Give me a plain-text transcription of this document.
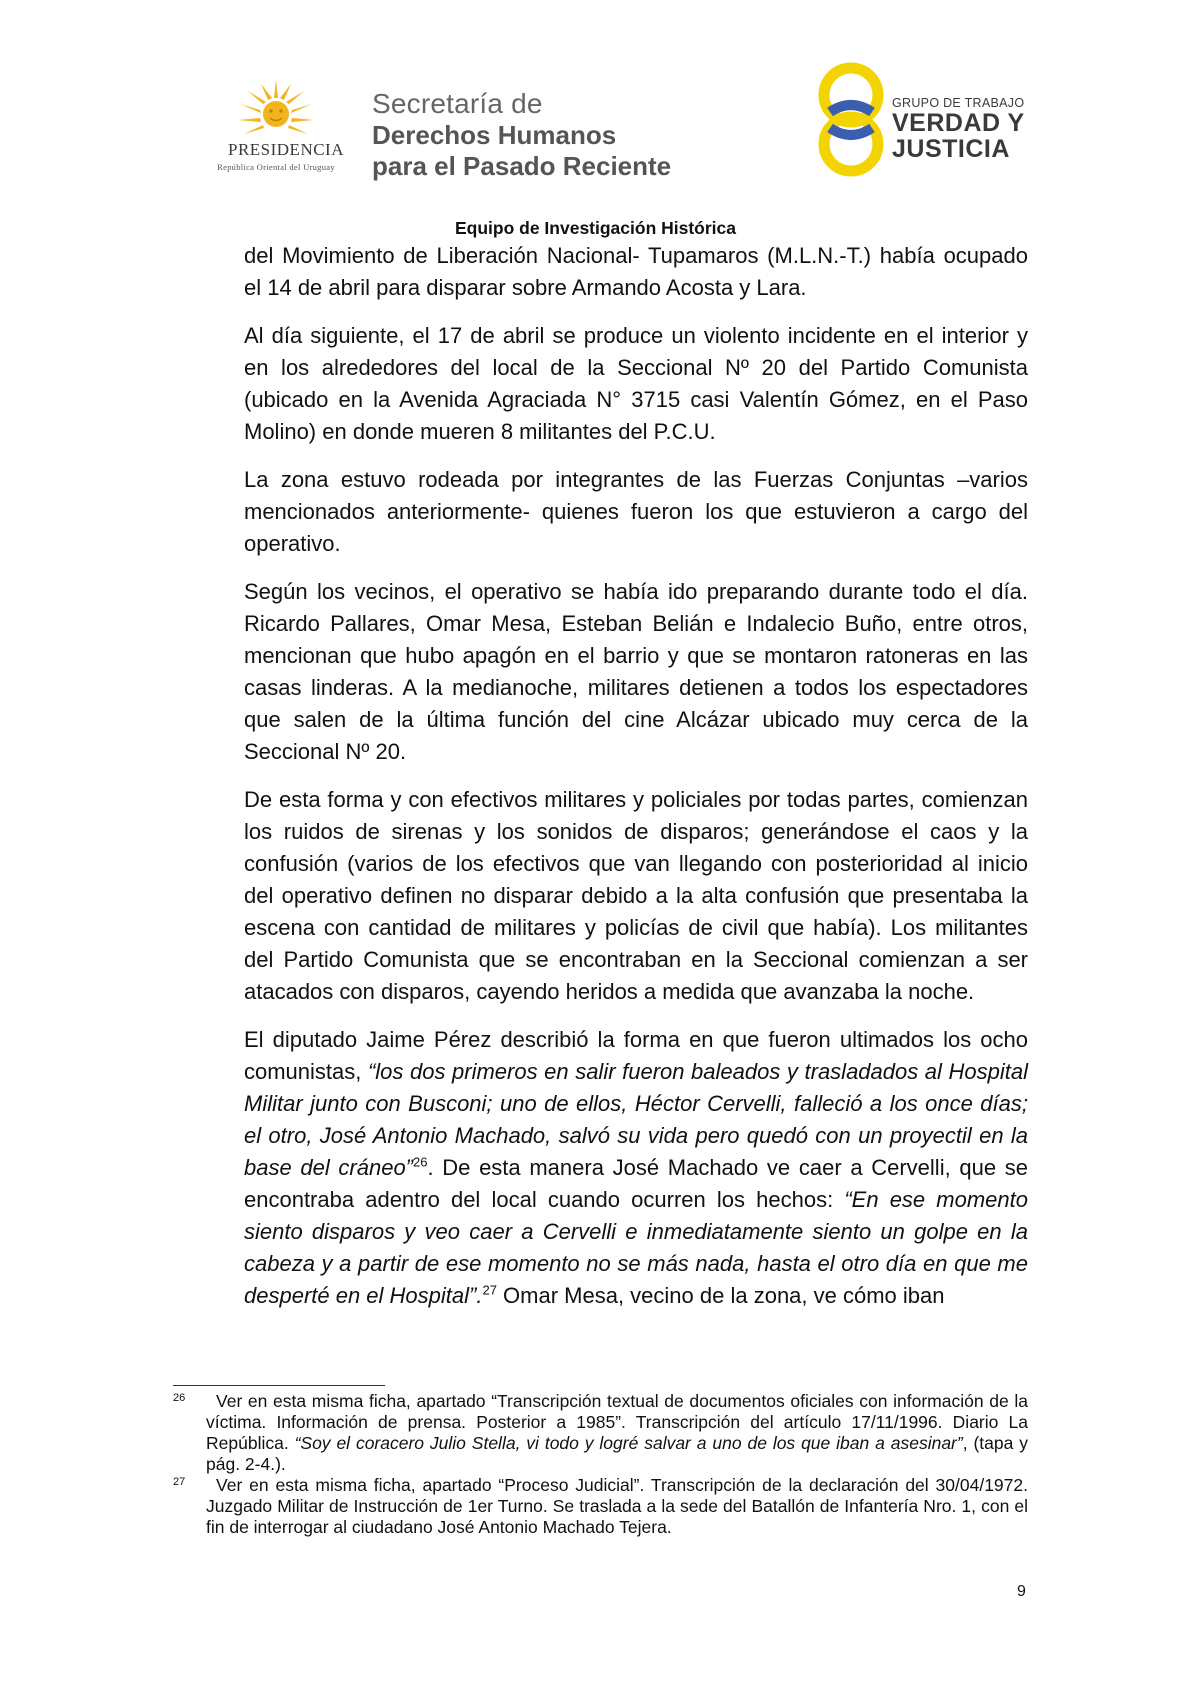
PRESIDENCIA
República Oriental del Uruguay
Secretaría de
Derechos Humanos
para el Pasado Reciente
GRUPO DE TRABAJO
VERDAD Y
JUSTICIA
Equipo de Investigación Histórica

del Movimiento de Liberación Nacional- Tupamaros (M.L.N.-T.) había ocupado el 14 de abril para disparar sobre Armando Acosta y Lara.

Al día siguiente, el 17 de abril se produce un violento incidente en el interior y en los alrededores del local de la Seccional Nº 20 del Partido Comunista (ubicado en la Avenida Agraciada N° 3715 casi Valentín Gómez, en el Paso Molino) en donde mueren 8 militantes del P.C.U.

La zona estuvo rodeada por integrantes de las Fuerzas Conjuntas –varios mencionados anteriormente- quienes fueron los que estuvieron a cargo del operativo.

Según los vecinos, el operativo se había ido preparando durante todo el día. Ricardo Pallares, Omar Mesa, Esteban Belián e Indalecio Buño, entre otros, mencionan que hubo apagón en el barrio y que se montaron ratoneras en las casas linderas. A la medianoche, militares detienen a todos los espectadores que salen de la última función del cine Alcázar ubicado muy cerca de la Seccional Nº 20.

De esta forma y con efectivos militares y policiales por todas partes, comienzan los ruidos de sirenas y los sonidos de disparos; generándose el caos y la confusión (varios de los efectivos que van llegando con posterioridad al inicio del operativo definen no disparar debido a la alta confusión que presentaba la escena con cantidad de militares y policías de civil que había). Los militantes del Partido Comunista que se encontraban en la Seccional comienzan a ser atacados con disparos, cayendo heridos a medida que avanzaba la noche.

El diputado Jaime Pérez describió la forma en que fueron ultimados los ocho comunistas, “los dos primeros en salir fueron baleados y trasladados al Hospital Militar junto con Busconi; uno de ellos, Héctor Cervelli, falleció a los once días; el otro, José Antonio Machado, salvó su vida pero quedó con un proyectil en la base del cráneo”$^{26}$. De esta manera José Machado ve caer a Cervelli, que se encontraba adentro del local cuando ocurren los hechos: “En ese momento siento disparos y veo caer a Cervelli e inmediatamente siento un golpe en la cabeza y a partir de ese momento no se más nada, hasta el otro día en que me desperté en el Hospital”.$^{27}$ Omar Mesa, vecino de la zona, ve cómo iban

26 Ver en esta misma ficha, apartado “Transcripción textual de documentos oficiales con información de la víctima. Información de prensa. Posterior a 1985”. Transcripción del artículo 17/11/1996. Diario La República. “Soy el coracero Julio Stella, vi todo y logré salvar a uno de los que iban a asesinar”, (tapa y pág. 2-4.).
27 Ver en esta misma ficha, apartado “Proceso Judicial”. Transcripción de la declaración del 30/04/1972. Juzgado Militar de Instrucción de 1er Turno. Se traslada a la sede del Batallón de Infantería Nro. 1, con el fin de interrogar al ciudadano José Antonio Machado Tejera.
9
